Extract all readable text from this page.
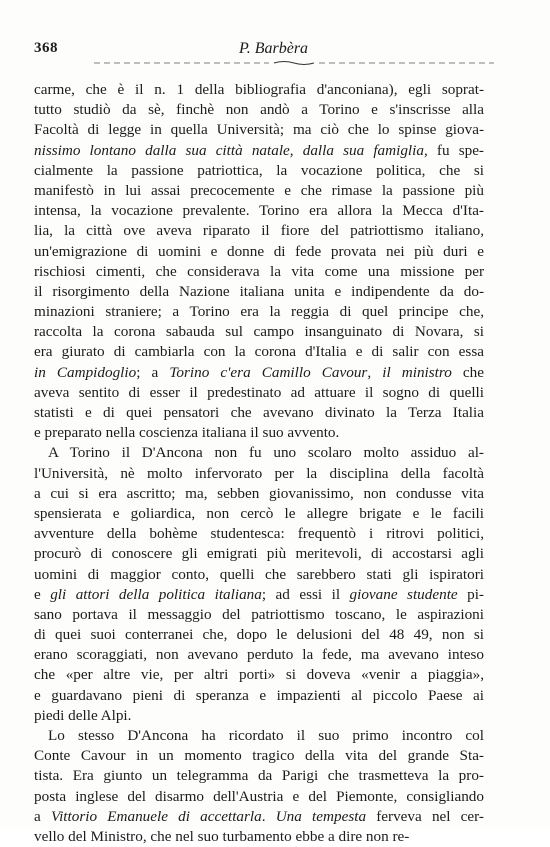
368	P. Barbèra
carme, che è il n. 1 della bibliografia d'anconiana), egli soprat-
tutto studiò da sè, finchè non andò a Torino e s'inscrisse alla
Facoltà di legge in quella Università; ma ciò che lo spinse giova-
nissimo lontano dalla sua città natale, dalla sua famiglia, fu spe-
cialmente la passione patriottica, la vocazione politica, che si
manifestò in lui assai precocemente e che rimase la passione più
intensa, la vocazione prevalente. Torino era allora la Mecca d'Ita-
lia, la città ove aveva riparato il fiore del patriottismo italiano,
un'emigrazione di uomini e donne di fede provata nei più duri e
rischiosi cimenti, che considerava la vita come una missione per
il risorgimento della Nazione italiana unita e indipendente da do-
minazioni straniere; a Torino era la reggia di quel principe che,
raccolta la corona sabauda sul campo insanguinato di Novara, si
era giurato di cambiarla con la corona d'Italia e di salir con essa
in Campidoglio; a Torino c'era Camillo Cavour, il ministro che
aveva sentito di esser il predestinato ad attuare il sogno di quelli
statisti e di quei pensatori che avevano divinato la Terza Italia
e preparato nella coscienza italiana il suo avvento.
A Torino il D'Ancona non fu uno scolaro molto assiduo al-
l'Università, nè molto infervorato per la disciplina della facoltà
a cui si era ascritto; ma, sebben giovanissimo, non condusse vita
spensierata e goliardica, non cercò le allegre brigate e le facili
avventure della bohème studentesca: frequentò i ritrovi politici,
procurò di conoscere gli emigrati più meritevoli, di accostarsi agli
uomini di maggior conto, quelli che sarebbero stati gli ispiratori
e gli attori della politica italiana; ad essi il giovane studente pi-
sano portava il messaggio del patriottismo toscano, le aspirazioni
di quei suoi conterranei che, dopo le delusioni del 48 49, non si
erano scoraggiati, non avevano perduto la fede, ma avevano inteso
che «per altre vie, per altri porti» si doveva «venir a piaggia»,
e guardavano pieni di speranza e impazienti al piccolo Paese ai
piedi delle Alpi.
Lo stesso D'Ancona ha ricordato il suo primo incontro col
Conte Cavour in un momento tragico della vita del grande Sta-
tista. Era giunto un telegramma da Parigi che trasmetteva la pro-
posta inglese del disarmo dell'Austria e del Piemonte, consigliando
a Vittorio Emanuele di accettarla. Una tempesta ferveva nel cer-
vello del Ministro, che nel suo turbamento ebbe a dire non re-
